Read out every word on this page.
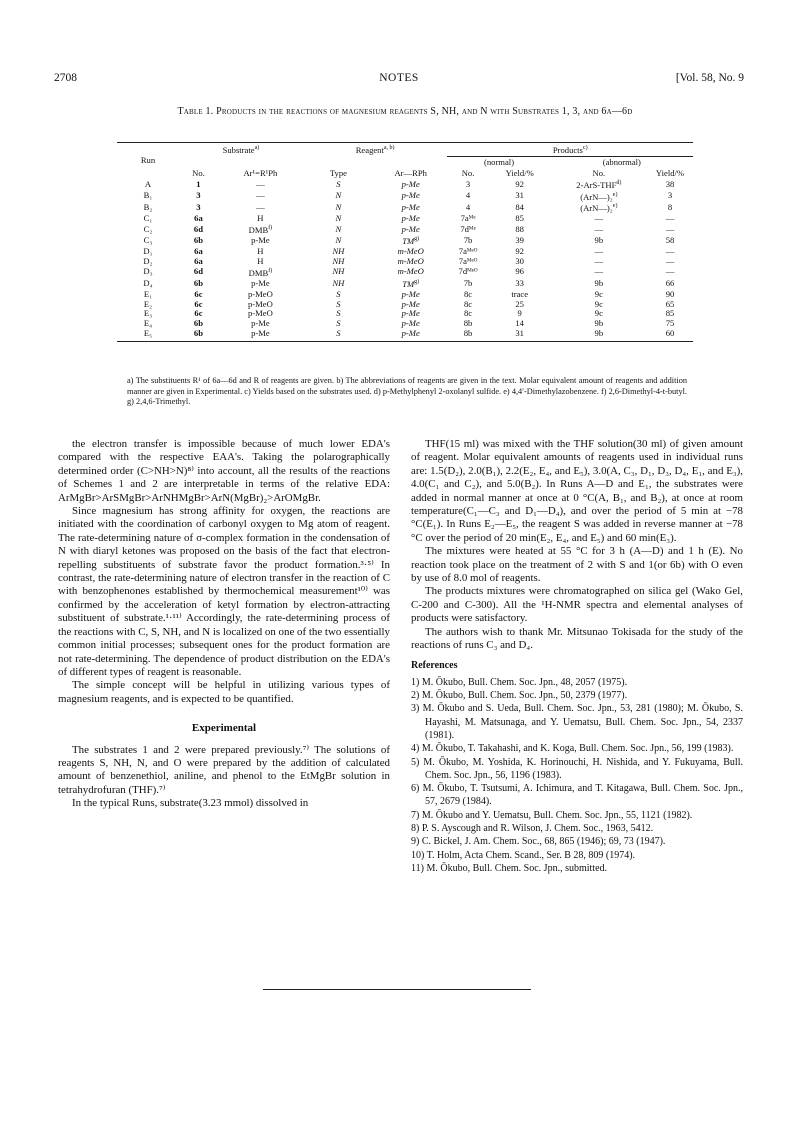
2708	NOTES	[Vol. 58, No. 9
Table 1. Products in the reactions of magnesium reagents S, NH, and N with Substrates 1, 3, and 6a—6d
Run	Substrate$^{a)}$		Reagent$^{a, b)}$		Products$^{c)}$
					(normal)		(abnormal)	
	No.	Ar¹=R¹Ph	Type	Ar—RPh	No.	Yield/%	No.	Yield/%
A	1	—	S	p-Me	3	92	2-ArS-THF$^{d)}$	38
B₁	3	—	N	p-Me	4	31	(ArN—)₂$^{e)}$	3
B₂	3	—	N	p-Me	4	84	(ArN—)₂$^{e)}$	8
C₁	6a	H	N	p-Me	7aᴹᵉ	85	—	—
C₂	6d	DMB$^{f)}$	N	p-Me	7dᴹᵉ	88	—	—
C₃	6b	p-Me	N	TM$^{g)}$	7b	39	9b	58
D₁	6a	H	NH	m-MeO	7aᴹᵉᴼ	92	—	—
D₂	6a	H	NH	m-MeO	7aᴹᵉᴼ	30	—	—
D₃	6d	DMB$^{f)}$	NH	m-MeO	7dᴹᵉᴼ	96	—	—
D₄	6b	p-Me	NH	TM$^{g)}$	7b	33	9b	66
E₁	6c	p-MeO	S	p-Me	8c	trace	9c	90
E₂	6c	p-MeO	S	p-Me	8c	25	9c	65
E₃	6c	p-MeO	S	p-Me	8c	9	9c	85
E₄	6b	p-Me	S	p-Me	8b	14	9b	75
E₅	6b	p-Me	S	p-Me	8b	31	9b	60
a) The substituents R¹ of 6a—6d and R of reagents are given. b) The abbreviations of reagents are given in the text. Molar equivalent amount of reagents and addition manner are given in Experimental. c) Yields based on the substrates used. d) p-Methylphenyl 2-oxolanyl sulfide. e) 4,4′-Dimethylazobenzene. f) 2,6-Dimethyl-4-t-butyl. g) 2,4,6-Trimethyl.

the electron transfer is impossible because of much lower EDA's compared with the respective EAA's. Taking the polarographically determined order (C>NH>N)⁸⁾ into account, all the results of the reactions of Schemes 1 and 2 are interpretable in terms of the relative EDA: ArMgBr>ArSMgBr>ArNHMgBr>ArN(MgBr)₂>ArOMgBr.

Since magnesium has strong affinity for oxygen, the reactions are initiated with the coordination of carbonyl oxygen to Mg atom of reagent. The rate-determining nature of σ-complex formation in the condensation of N with diaryl ketones was proposed on the basis of the fact that electron-repelling substituents of substrate favor the product formation.³·⁵⁾ In contrast, the rate-determining nature of electron transfer in the reaction of C with benzophenones established by thermochemical measurement¹⁰⁾ was confirmed by the acceleration of ketyl formation by electron-attracting substituent of substrate.¹·¹¹⁾ Accordingly, the rate-determining process of the reactions with C, S, NH, and N is localized on one of the two essentially common initial processes; subsequent ones for the product formation are not rate-determining. The dependence of product distribution on the EDA's of different types of reagent is reasonable.

The simple concept will be helpful in utilizing various types of magnesium reagents, and is expected to be quantified.

Experimental

The substrates 1 and 2 were prepared previously.⁷⁾ The solutions of reagents S, NH, N, and O were prepared by the addition of calculated amount of benzenethiol, aniline, and phenol to the EtMgBr solution in tetrahydrofuran (THF).⁷⁾

In the typical Runs, substrate(3.23 mmol) dissolved in

THF(15 ml) was mixed with the THF solution(30 ml) of given amount of reagent. Molar equivalent amounts of reagents used in individual runs are: 1.5(D₂), 2.0(B₁), 2.2(E₂, E₄, and E₅), 3.0(A, C₃, D₁, D₃, D₄, E₁, and E₃), 4.0(C₁ and C₂), and 5.0(B₂). In Runs A—D and E₁, the substrates were added in normal manner at once at 0 °C(A, B₁, and B₂), at once at room temperature(C₁—C₃ and D₁—D₄), and over the period of 5 min at −78 °C(E₁). In Runs E₂—E₅, the reagent S was added in reverse manner at −78 °C over the period of 20 min(E₂, E₄, and E₅) and 60 min(E₃).

The mixtures were heated at 55 °C for 3 h (A—D) and 1 h (E). No reaction took place on the treatment of 2 with S and 1(or 6b) with O even by use of 8.0 mol of reagents.

The products mixtures were chromatographed on silica gel (Wako Gel, C-200 and C-300). All the ¹H-NMR spectra and elemental analyses of products were satisfactory.

The authors wish to thank Mr. Mitsunao Tokisada for the study of the reactions of runs C₃ and D₄.

References
1) M. Ōkubo, Bull. Chem. Soc. Jpn., 48, 2057 (1975).
2) M. Ōkubo, Bull. Chem. Soc. Jpn., 50, 2379 (1977).
3) M. Ōkubo and S. Ueda, Bull. Chem. Soc. Jpn., 53, 281 (1980); M. Ōkubo, S. Hayashi, M. Matsunaga, and Y. Uematsu, Bull. Chem. Soc. Jpn., 54, 2337 (1981).
4) M. Ōkubo, T. Takahashi, and K. Koga, Bull. Chem. Soc. Jpn., 56, 199 (1983).
5) M. Ōkubo, M. Yoshida, K. Horinouchi, H. Nishida, and Y. Fukuyama, Bull. Chem. Soc. Jpn., 56, 1196 (1983).
6) M. Ōkubo, T. Tsutsumi, A. Ichimura, and T. Kitagawa, Bull. Chem. Soc. Jpn., 57, 2679 (1984).
7) M. Ōkubo and Y. Uematsu, Bull. Chem. Soc. Jpn., 55, 1121 (1982).
8) P. S. Ayscough and R. Wilson, J. Chem. Soc., 1963, 5412.
9) C. Bickel, J. Am. Chem. Soc., 68, 865 (1946); 69, 73 (1947).
10) T. Holm, Acta Chem. Scand., Ser. B 28, 809 (1974).
11) M. Ōkubo, Bull. Chem. Soc. Jpn., submitted.
